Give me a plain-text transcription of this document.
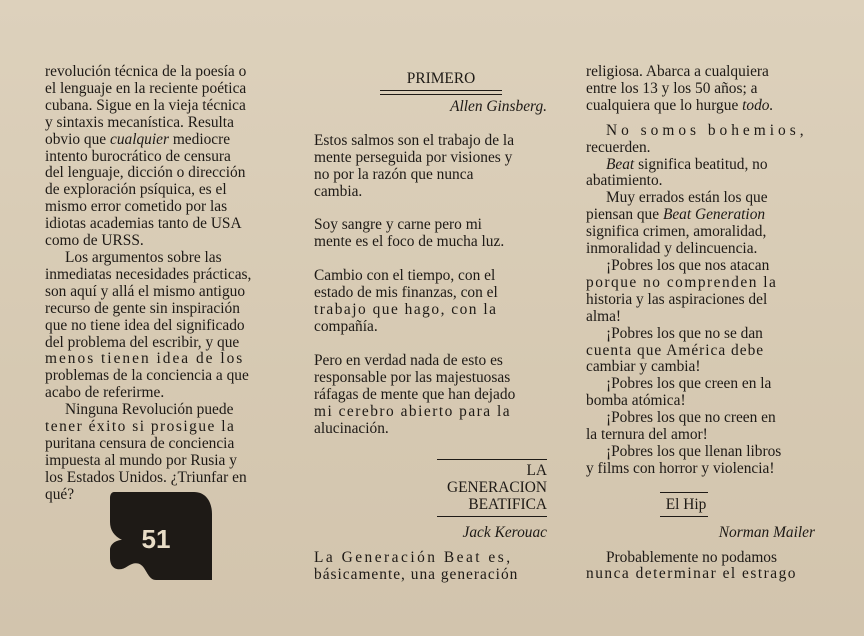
revolución técnica de la poesía o

el lenguaje en la reciente poética

cubana. Sigue en la vieja técnica

y sintaxis mecanística. Resulta

obvio que cualquier mediocre

intento burocrático de censura

del lenguaje, dicción o dirección

de exploración psíquica, es el

mismo error cometido por las

idiotas academias tanto de USA

como de URSS.

Los argumentos sobre las

inmediatas necesidades prácticas,

son aquí y allá el mismo antiguo

recurso de gente sin inspiración

que no tiene idea del significado

del problema del escribir, y que

menos tienen idea de los

problemas de la conciencia a que

acabo de referirme.

Ninguna Revolución puede

tener éxito si prosigue la

puritana censura de conciencia

impuesta al mundo por Rusia y

los Estados Unidos. ¿Triunfar en

qué?

51

PRIMERO

Allen Ginsberg.

Estos salmos son el trabajo de la

mente perseguida por visiones y

no por la razón que nunca

cambia.

Soy sangre y carne pero mi

mente es el foco de mucha luz.

Cambio con el tiempo, con el

estado de mis finanzas, con el

trabajo que hago, con la

compañía.

Pero en verdad nada de esto es

responsable por las majestuosas

ráfagas de mente que han dejado

mi cerebro abierto para la

alucinación.

LA

GENERACION

BEATIFICA

Jack Kerouac

La Generación Beat es,

básicamente, una generación

religiosa. Abarca a cualquiera

entre los 13 y los 50 años; a

cualquiera que lo hurgue todo.

No somos bohemios,

recuerden.

Beat significa beatitud, no

abatimiento.

Muy errados están los que

piensan que Beat Generation

significa crimen, amoralidad,

inmoralidad y delincuencia.

¡Pobres los que nos atacan

porque no comprenden la

historia y las aspiraciones del

alma!

¡Pobres los que no se dan

cuenta que América debe

cambiar y cambia!

¡Pobres los que creen en la

bomba atómica!

¡Pobres los que no creen en

la ternura del amor!

¡Pobres los que llenan libros

y films con horror y violencia!

El Hip

Norman Mailer

Probablemente no podamos

nunca determinar el estrago
